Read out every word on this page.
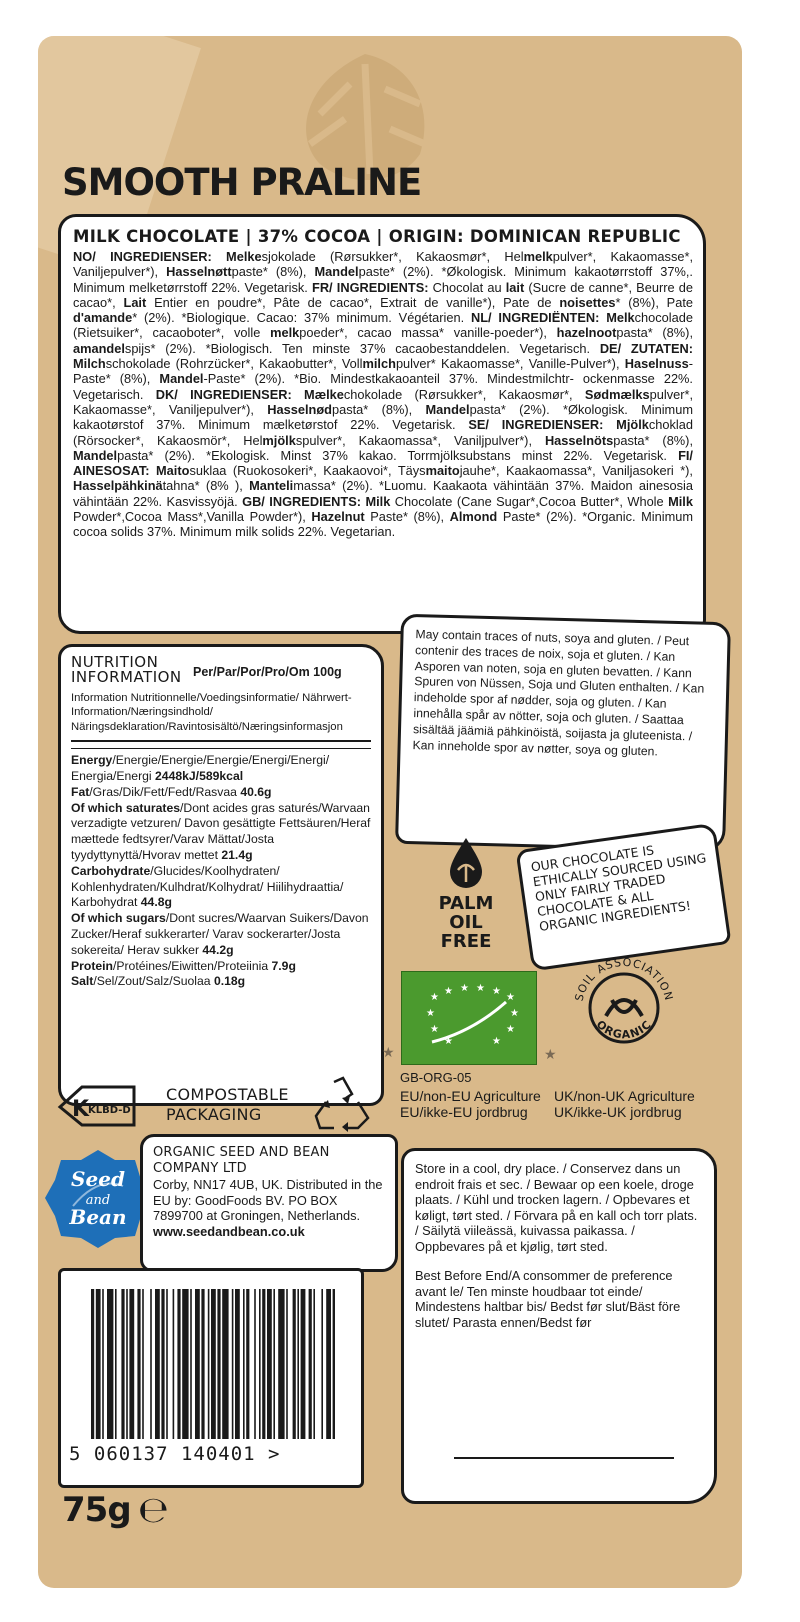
SMOOTH PRALINE
MILK CHOCOLATE | 37% COCOA | ORIGIN: DOMINICAN REPUBLIC
NO/ INGREDIENSER: Melkesjokolade (Rørsukker*, Kakaosmør*, Helmelkpulver*, Kakaomasse*, Vaniljepulver*), Hasselnøttpaste* (8%), Mandelpaste* (2%). *Økologisk. Minimum kakaotørrstoff 37%,. Minimum melketørrstoff 22%. Vegetarisk. FR/ INGREDIENTS: Chocolat au lait (Sucre de canne*, Beurre de cacao*, Lait Entier en poudre*, Pâte de cacao*, Extrait de vanille*), Pate de noisettes* (8%), Pate d'amande* (2%). *Biologique. Cacao: 37% minimum. Végétarien. NL/ INGREDIËNTEN: Melkchocolade (Rietsuiker*, cacaoboter*, volle melkpoeder*, cacao massa* vanille-poeder*), hazelnootpasta* (8%), amandelspijs* (2%). *Biologisch. Ten minste 37% cacaobestanddelen. Vegetarisch. DE/ ZUTATEN: Milchschokolade (Rohrzücker*, Kakaobutter*, Vollmilchpulver* Kakaomasse*, Vanille-Pulver*), Haselnuss-Paste* (8%), Mandel-Paste* (2%). *Bio. Mindestkakaoanteil 37%. Mindestmilchtr- ockenmasse 22%. Vegetarisch. DK/ INGREDIENSER: Mælkechokolade (Rørsukker*, Kakaosmør*, Sødmælkspulver*, Kakaomasse*, Vaniljepulver*), Hasselnødpasta* (8%), Mandelpasta* (2%). *Økologisk. Minimum kakaotørstof 37%. Minimum mælketørstof 22%. Vegetarisk. SE/ INGREDIENSER: Mjölkchoklad (Rörsocker*, Kakaosmör*, Helmjölkspulver*, Kakaomassa*, Vaniljpulver*), Hasselnötspasta* (8%), Mandelpasta* (2%). *Ekologisk. Minst 37% kakao. Torrmjölksubstans minst 22%. Vegetarisk. FI/ AINESOSAT: Maitosuklaa (Ruokosokeri*, Kaakaovoi*, Täysmaitojauhe*, Kaakaomassa*, Vaniljasokeri *), Hasselpähkinätahna* (8% ), Mantelimassa* (2%). *Luomu. Kaakaota vähintään 37%. Maidon ainesosia vähintään 22%. Kasvissyöjä. GB/ INGREDIENTS: Milk Chocolate (Cane Sugar*,Cocoa Butter*, Whole Milk Powder*,Cocoa Mass*,Vanilla Powder*), Hazelnut Paste* (8%), Almond Paste* (2%). *Organic. Minimum cocoa solids 37%. Minimum milk solids 22%. Vegetarian.
NUTRITION
INFORMATION Per/Par/Por/Pro/Om 100g
Information Nutritionnelle/Voedingsinformatie/ Nährwert-Information/Næringsindhold/ Näringsdeklaration/Ravintosisältö/Næringsinformasjon
Energy/Energie/Energie/Energie/Energi/Energi/ Energia/Energi 2448kJ/589kcal
Fat/Gras/Dik/Fett/Fedt/Rasvaa 40.6g
Of which saturates/Dont acides gras saturés/Warvaan verzadigte vetzuren/ Davon gesättigte Fettsäuren/Heraf mættede fedtsyrer/Varav Mättat/Josta tyydyttynyttä/Hvorav mettet 21.4g
Carbohydrate/Glucides/Koolhydraten/ Kohlenhydraten/Kulhdrat/Kolhydrat/ Hiilihydraattia/ Karbohydrat 44.8g
Of which sugars/Dont sucres/Waarvan Suikers/Davon Zucker/Heraf sukkerarter/ Varav sockerarter/Josta sokereita/ Herav sukker 44.2g
Protein/Protéines/Eiwitten/Proteiinia 7.9g
Salt/Sel/Zout/Salz/Suolaa 0.18g
May contain traces of nuts, soya and gluten. / Peut contenir des traces de noix, soja et gluten. / Kan Asporen van noten, soja en gluten bevatten. / Kann Spuren von Nüssen, Soja und Gluten enthalten. / Kan indeholde spor af nødder, soja og gluten. / Kan innehålla spår av nötter, soja och gluten. / Saattaa sisältää jäämiä pähkinöistä, soijasta ja gluteenista. / Kan inneholde spor av nøtter, soya og gluten.
PALM
OIL
FREE
OUR CHOCOLATE IS ETHICALLY SOURCED USING ONLY FAIRLY TRADED CHOCOLATE & ALL ORGANIC INGREDIENTS!
SOIL ASSOCIATION
ORGANIC
★	★
★
★ ★ ★ ★
★
★	★
★	★
★	★
GB-ORG-05
EU/non-EU Agriculture UK/non-UK Agriculture
EU/ikke-EU jordbrug	UK/ikke-UK jordbrug
K
KLBD-D
COMPOSTABLE
PACKAGING
Seed
and
Bean
ORGANIC SEED AND BEAN COMPANY LTD
Corby, NN17 4UB, UK. Distributed in the EU by: GoodFoods BV. PO BOX 7899700 at Groningen, Netherlands.
www.seedandbean.co.uk
Store in a cool, dry place. / Conservez dans un endroit frais et sec. / Bewaar op een koele, droge plaats. / Kühl und trocken lagern. / Opbevares et køligt, tørt sted. / Förvara på en kall och torr plats. / Säilytä viileässä, kuivassa paikassa. / Oppbevares på et kjølig, tørt sted.
Best Before End/A consommer de preference avant le/ Ten minste houdbaar tot einde/ Mindestens haltbar bis/ Bedst før slut/Bäst före slutet/ Parasta ennen/Bedst før
5 060137 140401 >
75g ℮
